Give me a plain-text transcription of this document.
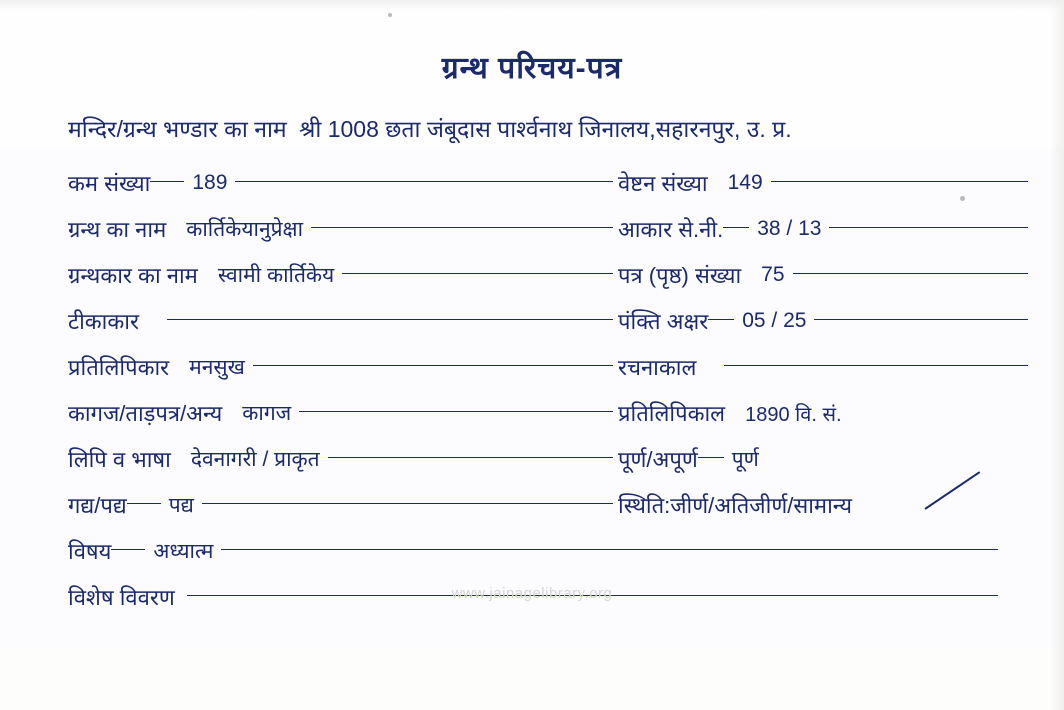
ग्रन्थ परिचय-पत्र
मन्दिर/ग्रन्थ भण्डार का नाम श्री 1008 छता जंबूदास पार्श्वनाथ जिनालय,सहारनपुर, उ. प्र.
कम संख्या	189	वेष्टन संख्या 149
ग्रन्थ का नाम कार्तिकेयानुप्रेक्षा	आकार से.नी.	38 / 13
ग्रन्थकार का नाम स्वामी कार्तिकेय	पत्र (पृष्ठ) संख्या 75
टीकाकार	पंक्ति अक्षर	05 / 25
प्रतिलिपिकार मनसुख	रचनाकाल
कागज/ताड़पत्र/अन्य कागज	प्रतिलिपिकाल	1890 वि. सं.
लिपि व भाषा देवनागरी / प्राकृत	पूर्ण/अपूर्ण	पूर्ण
गद्य/पद्य	पद्य	स्थिति:जीर्ण/अतिजीर्ण/सामान्य
विषय	अध्यात्म
विशेष विवरण	www.jainagelibrary.org
